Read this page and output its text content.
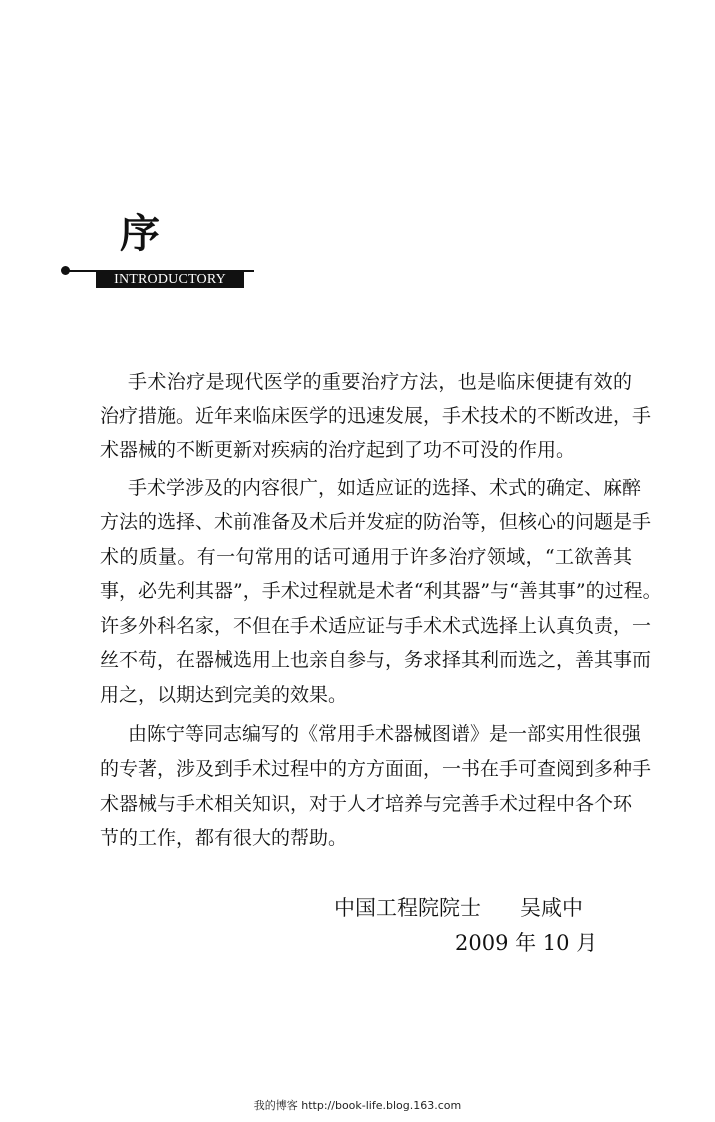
序
INTRODUCTORY
手术治疗是现代医学的重要治疗方法，也是临床便捷有效的
治疗措施。近年来临床医学的迅速发展，手术技术的不断改进，手
术器械的不断更新对疾病的治疗起到了功不可没的作用。
手术学涉及的内容很广，如适应证的选择、术式的确定、麻醉
方法的选择、术前准备及术后并发症的防治等，但核心的问题是手
术的质量。有一句常用的话可通用于许多治疗领域，“工欲善其
事，必先利其器”，手术过程就是术者“利其器”与“善其事”的过程。
许多外科名家，不但在手术适应证与手术术式选择上认真负责，一
丝不苟，在器械选用上也亲自参与，务求择其利而选之，善其事而
用之，以期达到完美的效果。
由陈宁等同志编写的《常用手术器械图谱》是一部实用性很强
的专著，涉及到手术过程中的方方面面，一书在手可查阅到多种手
术器械与手术相关知识，对于人才培养与完善手术过程中各个环
节的工作，都有很大的帮助。
中国工程院院士 吴咸中
2009 年 10 月
我的博客 http://book-life.blog.163.com
